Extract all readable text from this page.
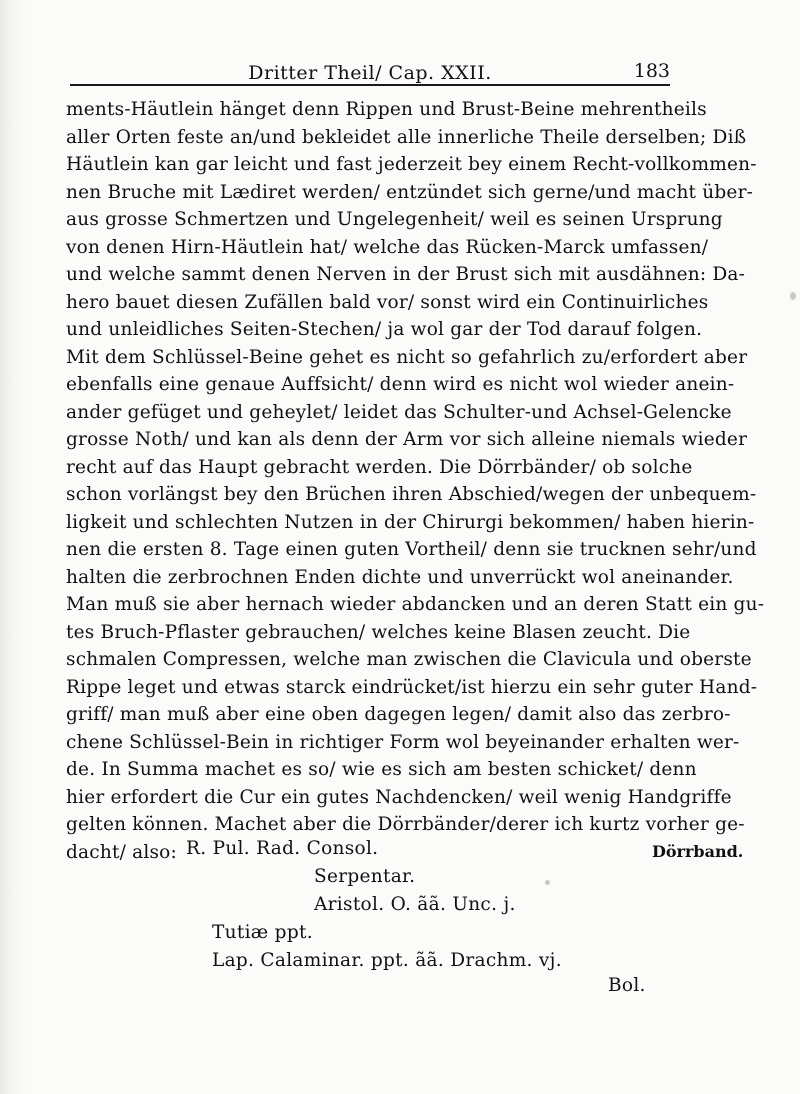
Dritter Theil/ Cap. XXII.	183
ments-Häutlein hänget denn Rippen und Brust-Beine mehrentheils
aller Orten feste an/und bekleidet alle innerliche Theile derselben; Diß
Häutlein kan gar leicht und fast jederzeit bey einem Recht-vollkommen-
nen Bruche mit Lædiret werden/ entzündet sich gerne/und macht über-
aus grosse Schmertzen und Ungelegenheit/ weil es seinen Ursprung
von denen Hirn-Häutlein hat/ welche das Rücken-Marck umfassen/
und welche sammt denen Nerven in der Brust sich mit ausdähnen: Da-
hero bauet diesen Zufällen bald vor/ sonst wird ein Continuirliches
und unleidliches Seiten-Stechen/ ja wol gar der Tod darauf folgen.
Mit dem Schlüssel-Beine gehet es nicht so gefahrlich zu/erfordert aber
ebenfalls eine genaue Auffsicht/ denn wird es nicht wol wieder anein-
ander gefüget und geheylet/ leidet das Schulter-und Achsel-Gelencke
grosse Noth/ und kan als denn der Arm vor sich alleine niemals wieder
recht auf das Haupt gebracht werden. Die Dörrbänder/ ob solche
schon vorlängst bey den Brüchen ihren Abschied/wegen der unbequem-
ligkeit und schlechten Nutzen in der Chirurgi bekommen/ haben hierin-
nen die ersten 8. Tage einen guten Vortheil/ denn sie trucknen sehr/und
halten die zerbrochnen Enden dichte und unverrückt wol aneinander.
Man muß sie aber hernach wieder abdancken und an deren Statt ein gu-
tes Bruch-Pflaster gebrauchen/ welches keine Blasen zeucht. Die
schmalen Compressen, welche man zwischen die Clavicula und oberste
Rippe leget und etwas starck eindrücket/ist hierzu ein sehr guter Hand-
griff/ man muß aber eine oben dagegen legen/ damit also das zerbro-
chene Schlüssel-Bein in richtiger Form wol beyeinander erhalten wer-
de. In Summa machet es so/ wie es sich am besten schicket/ denn
hier erfordert die Cur ein gutes Nachdencken/ weil wenig Handgriffe
gelten können. Machet aber die Dörrbänder/derer ich kurtz vorher ge-
dacht/ also: R. Pul. Rad. Consol.
Serpentar.
Aristol. O. ãã. Unc. j.
Tutiæ ppt.
Lap. Calaminar. ppt. ãã. Drachm. vj.
Bol.
Dörrband.
